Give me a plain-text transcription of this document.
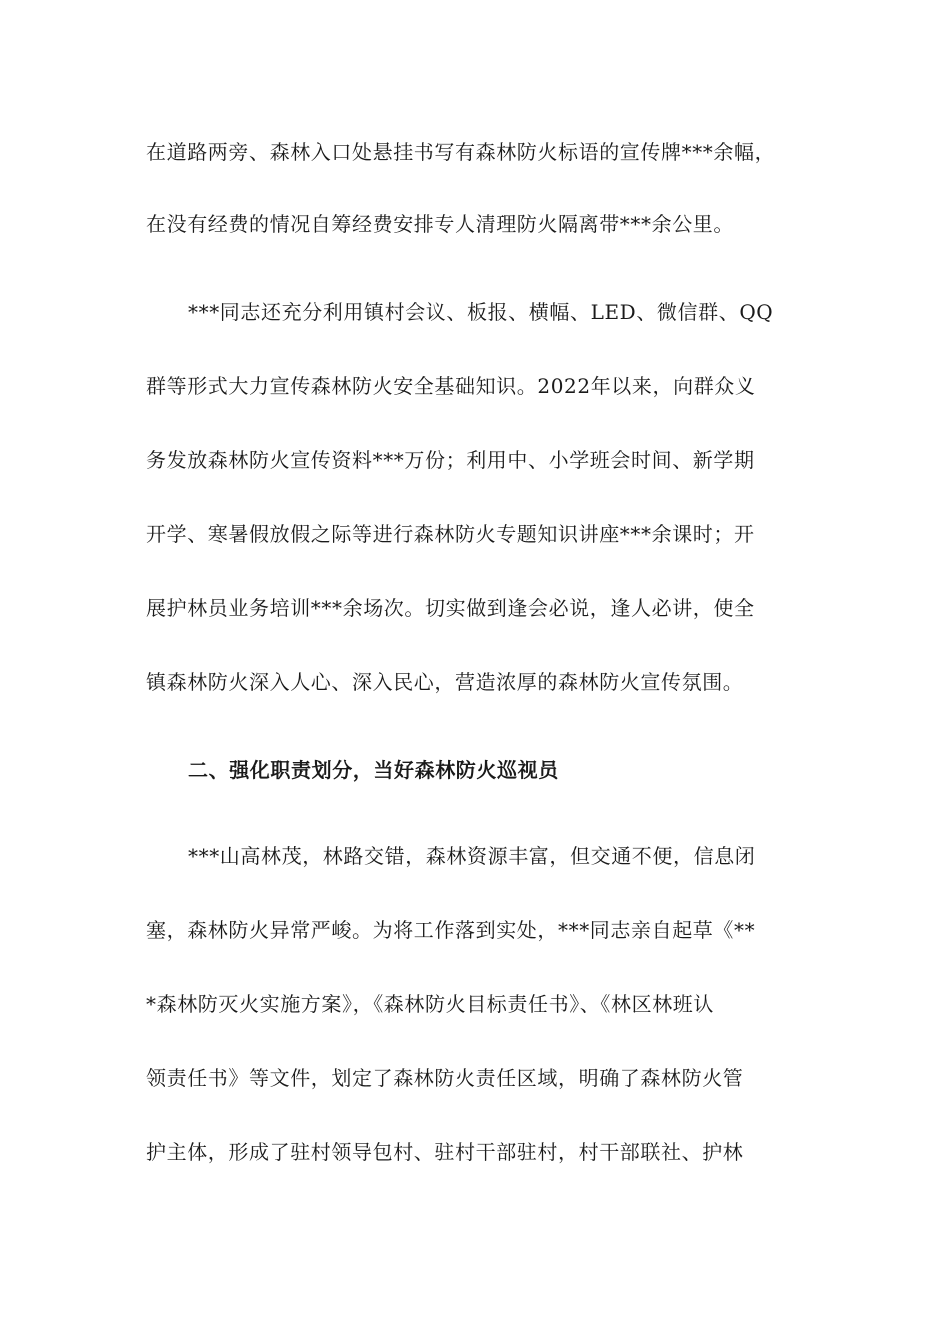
在道路两旁、森林入口处悬挂书写有森林防火标语的宣传牌***余幅，
在没有经费的情况自筹经费安排专人清理防火隔离带***余公里。
***同志还充分利用镇村会议、板报、横幅、LED、微信群、QQ
群等形式大力宣传森林防火安全基础知识。2022年以来，向群众义
务发放森林防火宣传资料***万份；利用中、小学班会时间、新学期
开学、寒暑假放假之际等进行森林防火专题知识讲座***余课时；开
展护林员业务培训***余场次。切实做到逢会必说，逢人必讲，使全
镇森林防火深入人心、深入民心，营造浓厚的森林防火宣传氛围。
二、强化职责划分，当好森林防火巡视员
***山高林茂，林路交错，森林资源丰富，但交通不便，信息闭
塞，森林防火异常严峻。为将工作落到实处，***同志亲自起草《**
*森林防灭火实施方案》，《森林防火目标责任书》、《林区林班认
领责任书》等文件，划定了森林防火责任区域，明确了森林防火管
护主体，形成了驻村领导包村、驻村干部驻村，村干部联社、护林
